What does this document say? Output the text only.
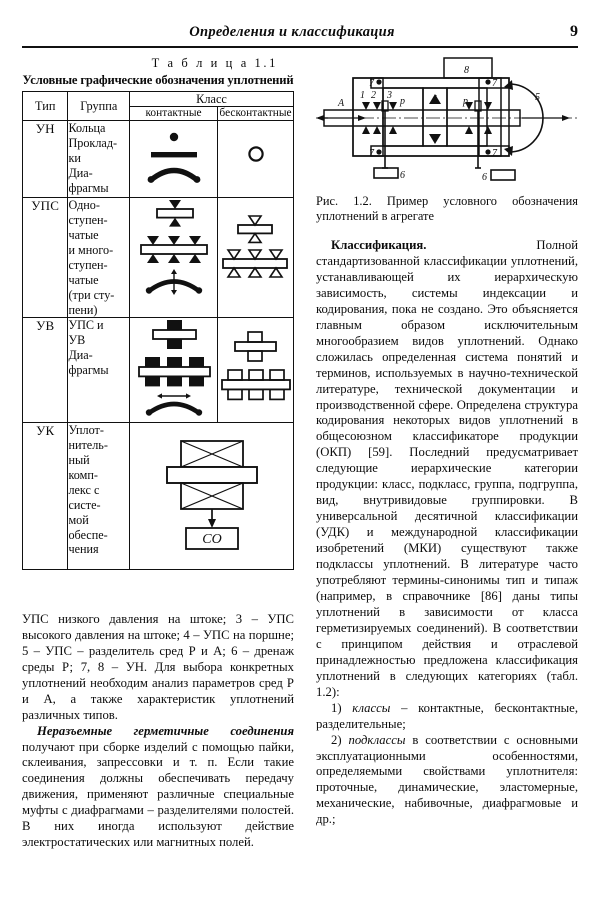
Определения и классификация	9
Т а б л и ц а 1.1
Условные графические обозначения уплотнений
Тип	Группа	Класс	
		контактные	бесконтактные
УН	Кольца
Проклад-
ки
Диа-
фрагмы

УПС	Одно-
ступен-
чатые
и много-
ступен-
чатые
(три сту-
пени)

УВ	УПС и
УВ
Диа-
фрагмы

УК	Уплот-
нитель-
ный
комп-
лекс с
систе-
мой
обеспе-
чения

СО

УПС низкого давления на штоке; 3 – УПС высокого давления на штоке; 4 – УПС на поршне; 5 – УПС – разделитель сред Р и А; 6 – дренаж среды Р; 7, 8 – УН. Для выбора конкретных уплотнений необходим анализ параметров сред Р и А, а также характеристик уплотнений различных типов.

Неразъемные герметичные соединения получают при сборке изделий с помощью пайки, склеивания, запрессовки и т. п. Если такие соединения должны обеспечивать передачу движения, применяют различные специальные муфты с диафрагмами – разделителями полостей. В них иногда используют действие электростатических или магнитных полей.

A
1 2 3	4	5
6	6
7	7
7	7
8
p	p
Рис. 1.2. Пример условного обозначения уплотнений в агрегате

Классификация. Полной стандартизованной классификации уплотнений, устанавливающей их иерархическую зависимость, системы индексации и кодирования, пока не создано. Это объясняется главным образом исключительным многообразием видов уплотнений. Однако сложилась определенная система понятий и терминов, используемых в научно-технической литературе, технической документации и производственной сфере. Определена структура кодирования некоторых видов уплотнений в общесоюзном классификаторе продукции (ОКП) [59]. Последний предусматривает следующие иерархические категории продукции: класс, подкласс, группа, подгруппа, вид, внутривидовые группировки. В универсальной десятичной классификации (УДК) и международной классификации изобретений (МКИ) существуют также подклассы уплотнений. В литературе часто употребляют термины-синонимы тип и типаж (например, в справочнике [86] даны типы уплотнений в зависимости от класса герметизируемых соединений). В соответствии с принципом действия и отраслевой принадлежностью предложена классификация уплотнений в следующих категориях (табл. 1.2):

1) классы – контактные, бесконтактные, разделительные;

2) подклассы в соответствии с основными эксплуатационными особенностями, определяемыми свойствами уплотнителя: проточные, динамические, эластомерные, механические, набивочные, диафрагмовые и др.;
